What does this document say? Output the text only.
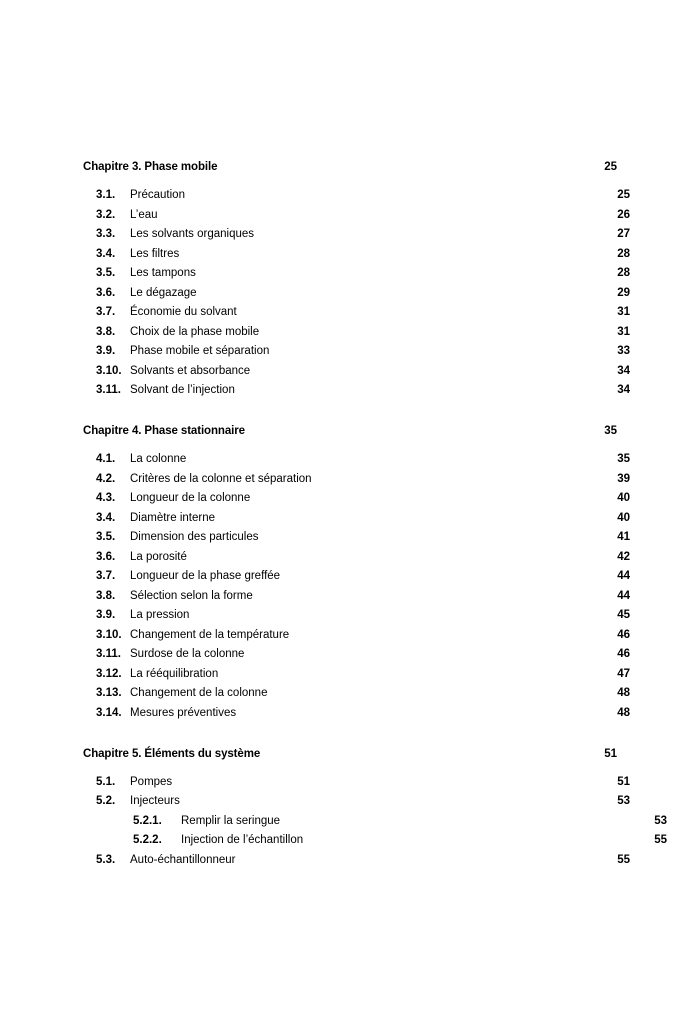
Chapitre 3. Phase mobile	25
3.1.	Précaution	25
3.2.	L’eau	26
3.3.	Les solvants organiques	27
3.4.	Les filtres	28
3.5.	Les tampons	28
3.6.	Le dégazage	29
3.7.	Économie du solvant	31
3.8.	Choix de la phase mobile	31
3.9.	Phase mobile et séparation	33
3.10. Solvants et absorbance	34
3.11. Solvant de l’injection	34
Chapitre 4. Phase stationnaire	35
4.1.	La colonne	35
4.2.	Critères de la colonne et séparation	39
4.3.	Longueur de la colonne	40
3.4.	Diamètre interne	40
3.5.	Dimension des particules	41
3.6.	La porosité	42
3.7.	Longueur de la phase greffée	44
3.8.	Sélection selon la forme	44
3.9.	La pression	45
3.10. Changement de la température	46
3.11. Surdose de la colonne	46
3.12. La rééquilibration	47
3.13. Changement de la colonne	48
3.14. Mesures préventives	48
Chapitre 5. Éléments du système	51
5.1.	Pompes	51
5.2.	Injecteurs	53
5.2.1.	Remplir la seringue	53
5.2.2.	Injection de l’échantillon	55
5.3.	Auto-échantillonneur	55
